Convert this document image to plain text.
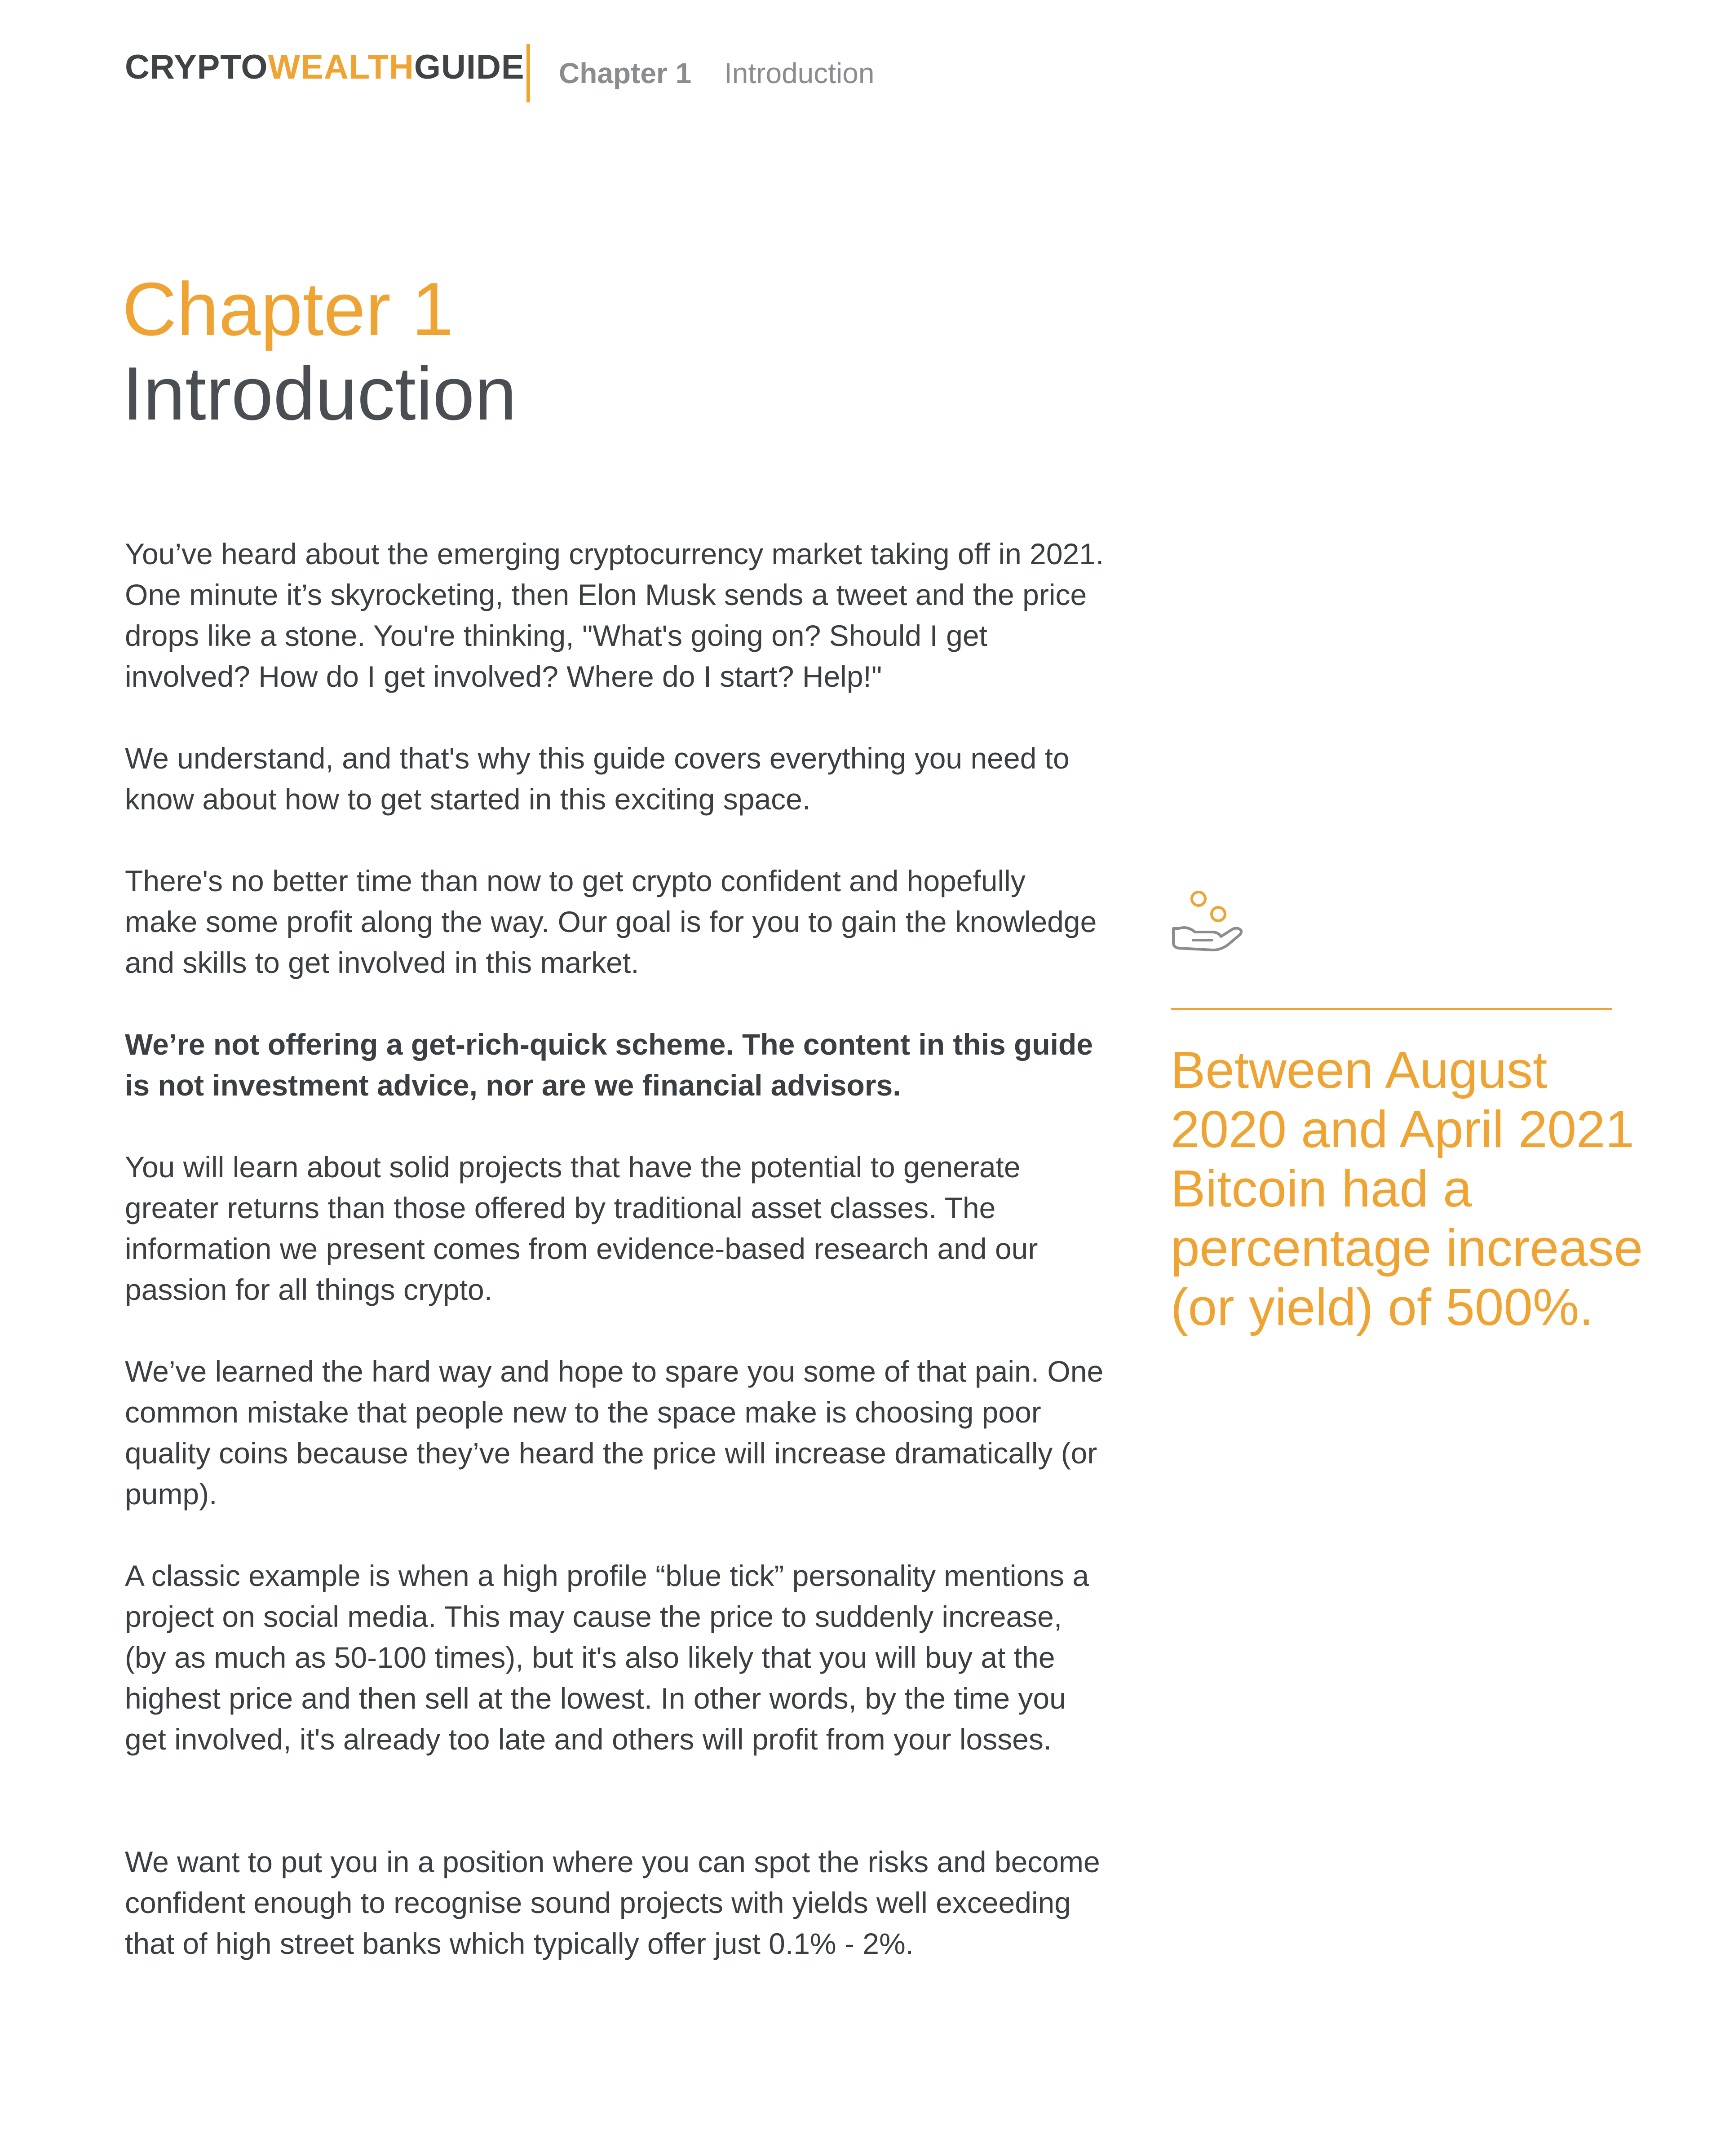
CRYPTOWEALTHGUIDE Chapter 1 Introduction
Chapter 1
Introduction

You’ve heard about the emerging cryptocurrency market taking off in 2021. One minute it’s skyrocketing, then Elon Musk sends a tweet and the price drops like a stone. You're thinking, "What's going on? Should I get involved? How do I get involved? Where do I start? Help!"

We understand, and that's why this guide covers everything you need to know about how to get started in this exciting space.

There's no better time than now to get crypto confident and hopefully make some profit along the way. Our goal is for you to gain the knowledge and skills to get involved in this market.

We’re not offering a get-rich-quick scheme. The content in this guide is not investment advice, nor are we financial advisors.

You will learn about solid projects that have the potential to generate greater returns than those offered by traditional asset classes. The information we present comes from evidence-based research and our passion for all things crypto.

We’ve learned the hard way and hope to spare you some of that pain. One common mistake that people new to the space make is choosing poor quality coins because they’ve heard the price will increase dramatically (or pump).

A classic example is when a high profile “blue tick” personality mentions a project on social media. This may cause the price to suddenly increase, (by as much as 50-100 times), but it's also likely that you will buy at the highest price and then sell at the lowest. In other words, by the time you get involved, it's already too late and others will profit from your losses.

We want to put you in a position where you can spot the risks and become confident enough to recognise sound projects with yields well exceeding that of high street banks which typically offer just 0.1% - 2%.

Between August 2020 and April 2021 Bitcoin had a percentage increase (or yield) of 500%.
